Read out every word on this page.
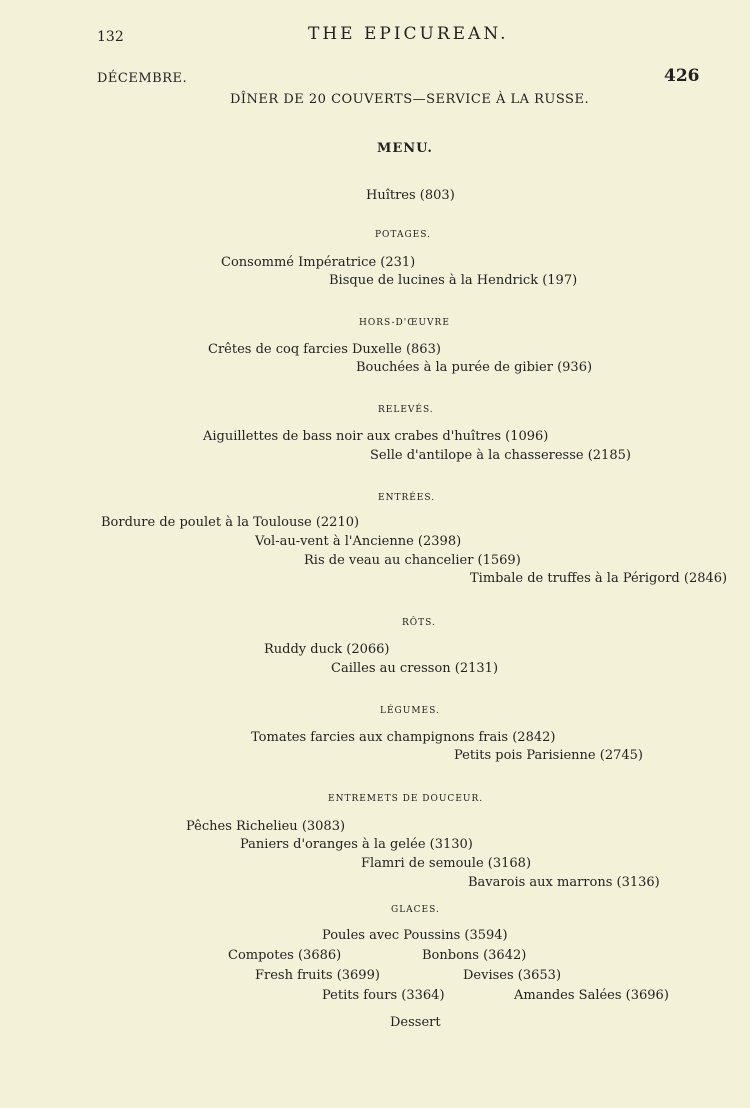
132	THE EPICUREAN.
DÉCEMBRE.	426
DÎNER DE 20 COUVERTS—SERVICE À LA RUSSE.
MENU.
Huîtres (803)
POTAGES.
Consommé Impératrice (231)
Bisque de lucines à la Hendrick (197)
HORS-D'ŒUVRE
Crêtes de coq farcies Duxelle (863)
Bouchées à la purée de gibier (936)
RELEVÉS.
Aiguillettes de bass noir aux crabes d'huîtres (1096)
Selle d'antilope à la chasseresse (2185)
ENTRÉES.
Bordure de poulet à la Toulouse (2210)
Vol-au-vent à l'Ancienne (2398)
Ris de veau au chancelier (1569)
Timbale de truffes à la Périgord (2846)
RÔTS.
Ruddy duck (2066)
Cailles au cresson (2131)
LÉGUMES.
Tomates farcies aux champignons frais (2842)
Petits pois Parisienne (2745)
ENTREMETS DE DOUCEUR.
Pêches Richelieu (3083)
Paniers d'oranges à la gelée (3130)
Flamri de semoule (3168)
Bavarois aux marrons (3136)
GLACES.
Poules avec Poussins (3594)
Compotes (3686)	Bonbons (3642)
Fresh fruits (3699)	Devises (3653)
Petits fours (3364)	Amandes Salées (3696)
Dessert
